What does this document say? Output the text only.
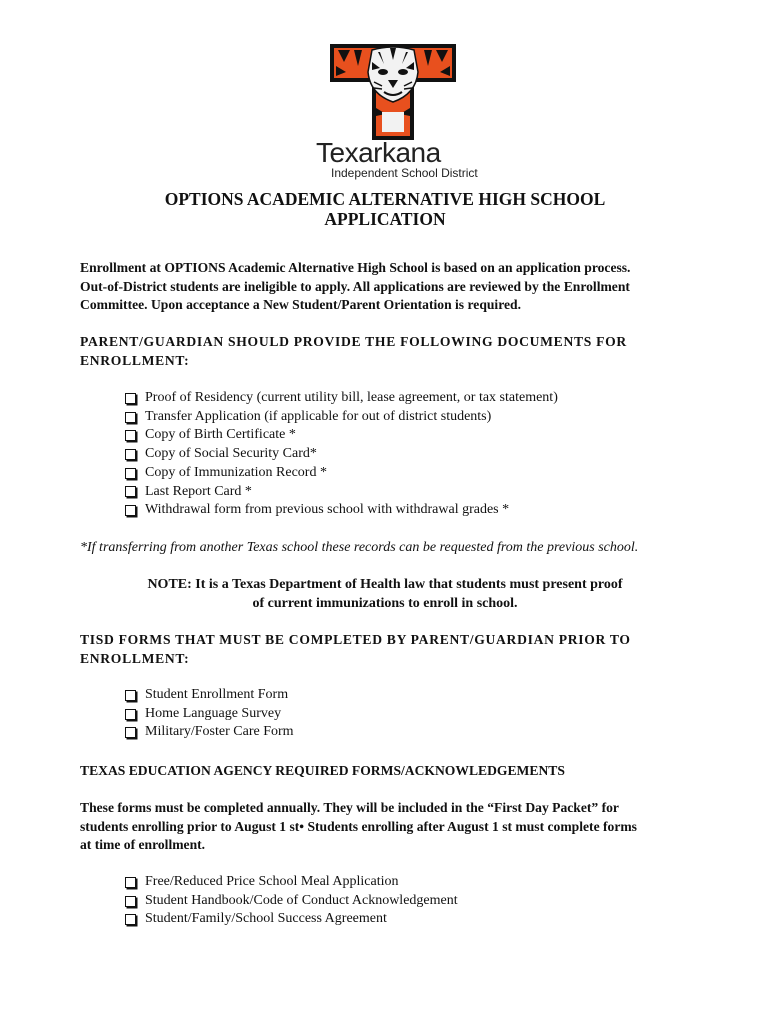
Texarkana
Independent School District
OPTIONS ACADEMIC ALTERNATIVE HIGH SCHOOL
APPLICATION
Enrollment at OPTIONS Academic Alternative High School is based on an application process.
Out-of-District students are ineligible to apply. All applications are reviewed by the Enrollment
Committee. Upon acceptance a New Student/Parent Orientation is required.
PARENT/GUARDIAN SHOULD PROVIDE THE FOLLOWING DOCUMENTS FOR
ENROLLMENT:
Proof of Residency (current utility bill, lease agreement, or tax statement)
Transfer Application (if applicable for out of district students)
Copy of Birth Certificate *
Copy of Social Security Card*
Copy of Immunization Record *
Last Report Card *
Withdrawal form from previous school with withdrawal grades *
*If transferring from another Texas school these records can be requested from the previous school.
NOTE: It is a Texas Department of Health law that students must present proof
of current immunizations to enroll in school.
TISD FORMS THAT MUST BE COMPLETED BY PARENT/GUARDIAN PRIOR TO
ENROLLMENT:
Student Enrollment Form
Home Language Survey
Military/Foster Care Form
TEXAS EDUCATION AGENCY REQUIRED FORMS/ACKNOWLEDGEMENTS
These forms must be completed annually. They will be included in the “First Day Packet” for
students enrolling prior to August 1 st• Students enrolling after August 1 st must complete forms
at time of enrollment.
Free/Reduced Price School Meal Application
Student Handbook/Code of Conduct Acknowledgement
Student/Family/School Success Agreement
